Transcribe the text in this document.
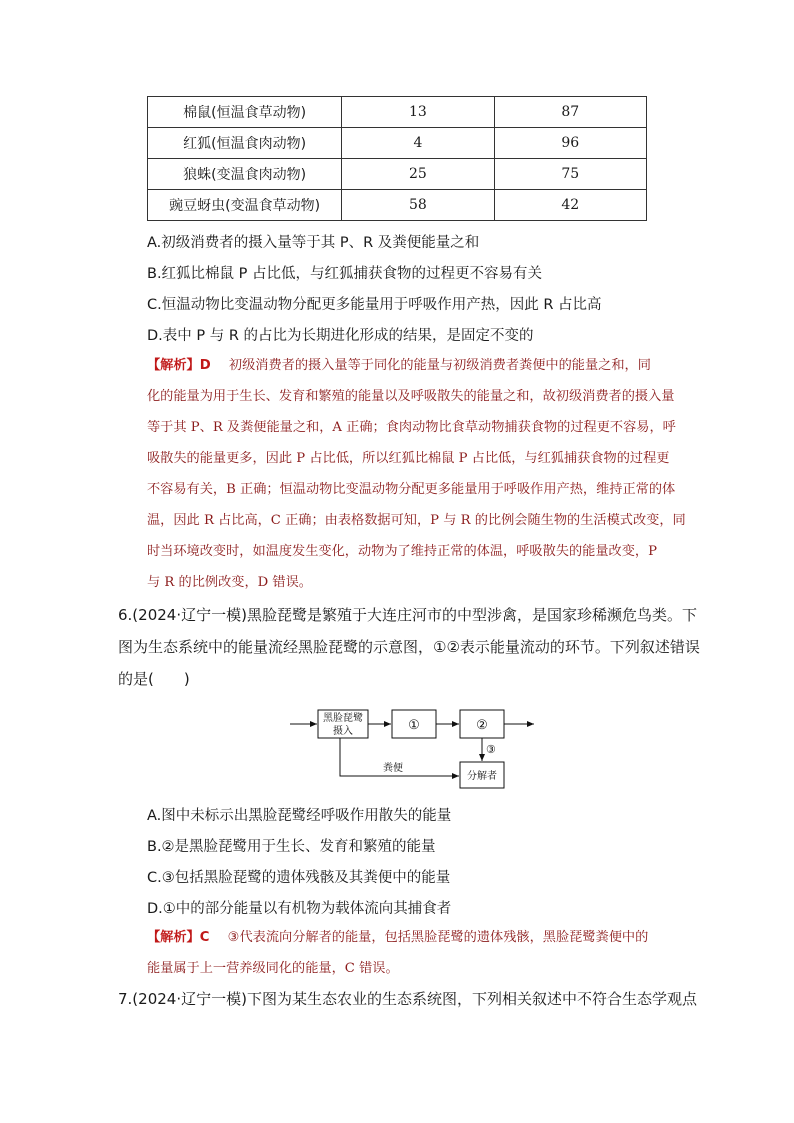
棉鼠(恒温食草动物)	13	87
红狐(恒温食肉动物)	4	96
狼蛛(变温食肉动物)	25	75
豌豆蚜虫(变温食草动物)	58	42
A.初级消费者的摄入量等于其 P、R 及粪便能量之和
B.红狐比棉鼠 P 占比低，与红狐捕获食物的过程更不容易有关
C.恒温动物比变温动物分配更多能量用于呼吸作用产热，因此 R 占比高
D.表中 P 与 R 的占比为长期进化形成的结果，是固定不变的
【解析】D 初级消费者的摄入量等于同化的能量与初级消费者粪便中的能量之和，同
化的能量为用于生长、发育和繁殖的能量以及呼吸散失的能量之和，故初级消费者的摄入量
等于其 P、R 及粪便能量之和，A 正确；食肉动物比食草动物捕获食物的过程更不容易，呼
吸散失的能量更多，因此 P 占比低，所以红狐比棉鼠 P 占比低，与红狐捕获食物的过程更
不容易有关，B 正确；恒温动物比变温动物分配更多能量用于呼吸作用产热，维持正常的体
温，因此 R 占比高，C 正确；由表格数据可知，P 与 R 的比例会随生物的生活模式改变，同
时当环境改变时，如温度发生变化，动物为了维持正常的体温，呼吸散失的能量改变，P
与 R 的比例改变，D 错误。
6.(2024·辽宁一模)黑脸琵鹭是繁殖于大连庄河市的中型涉禽，是国家珍稀濒危鸟类。下
图为生态系统中的能量流经黑脸琵鹭的示意图，①②表示能量流动的环节。下列叙述错误
的是(　　)
黑脸琵鹭
摄入	①	②
③
粪便
分解者
A.图中未标示出黑脸琵鹭经呼吸作用散失的能量
B.②是黑脸琵鹭用于生长、发育和繁殖的能量
C.③包括黑脸琵鹭的遗体残骸及其粪便中的能量
D.①中的部分能量以有机物为载体流向其捕食者
【解析】C ③代表流向分解者的能量，包括黑脸琵鹭的遗体残骸，黑脸琵鹭粪便中的
能量属于上一营养级同化的能量，C 错误。
7.(2024·辽宁一模)下图为某生态农业的生态系统图，下列相关叙述中不符合生态学观点
